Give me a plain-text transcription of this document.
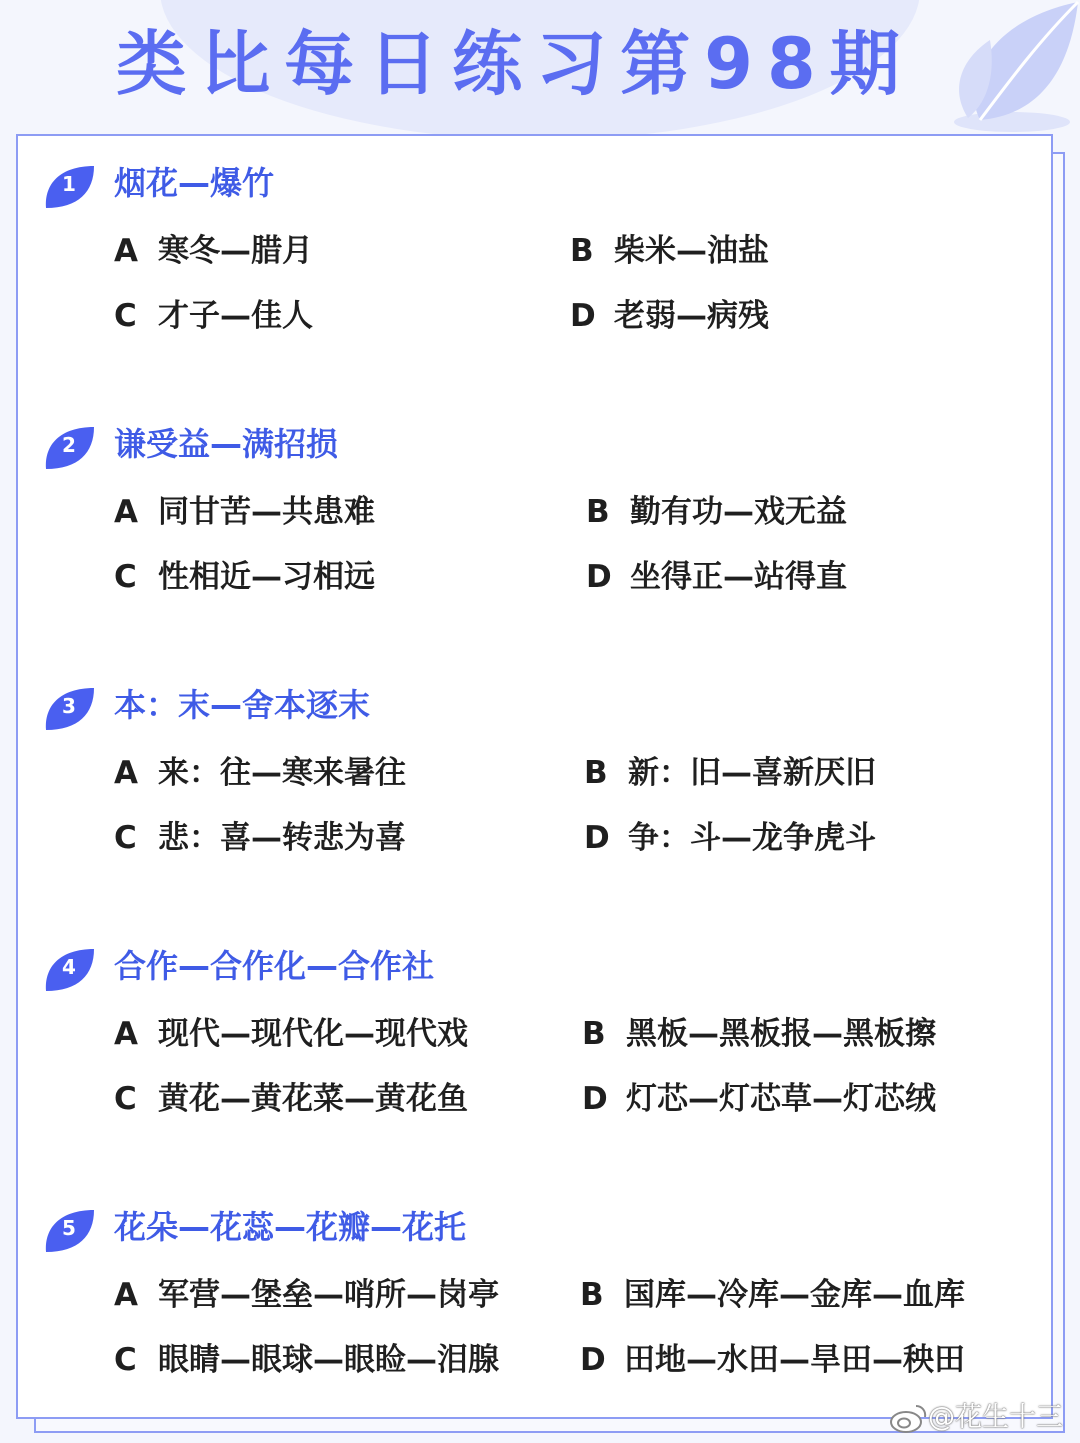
类比每日练习第98期
1	烟花—爆竹
A 寒冬—腊月	B 柴米—油盐
C 才子—佳人	D 老弱—病残
2	谦受益—满招损
A 同甘苦—共患难	B 勤有功—戏无益
C 性相近—习相远	D 坐得正—站得直
3	本：末—舍本逐末
A 来：往—寒来暑往	B 新：旧—喜新厌旧
C 悲：喜—转悲为喜	D 争：斗—龙争虎斗
4	合作—合作化—合作社
A 现代—现代化—现代戏	B 黑板—黑板报—黑板擦
C 黄花—黄花菜—黄花鱼	D 灯芯—灯芯草—灯芯绒
5	花朵—花蕊—花瓣—花托
A 军营—堡垒—哨所—岗亭	B 国库—冷库—金库—血库
C 眼睛—眼球—眼睑—泪腺	D 田地—水田—旱田—秧田
@花生十三
